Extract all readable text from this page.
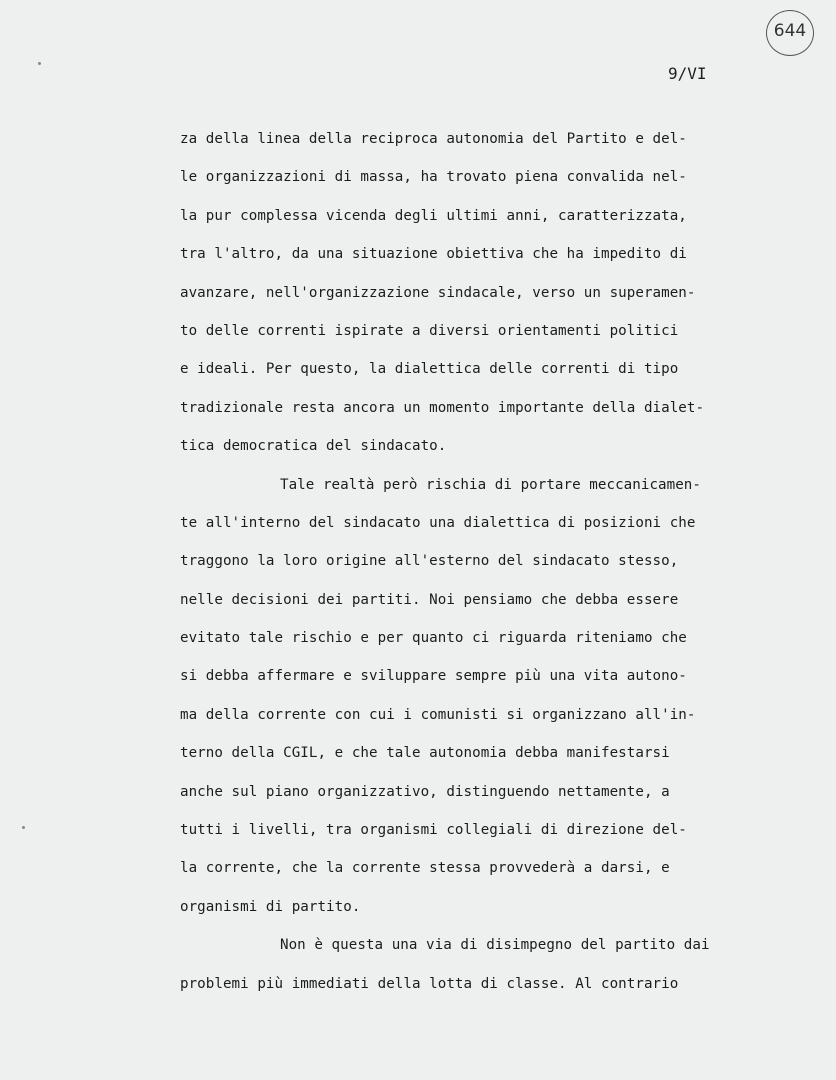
644
9/VI
za della linea della reciproca autonomia del Partito e del-
le organizzazioni di massa, ha trovato piena convalida nel-
la pur complessa vicenda degli ultimi anni, caratterizzata,
tra l'altro, da una situazione obiettiva che ha impedito di
avanzare, nell'organizzazione sindacale, verso un superamen-
to delle correnti ispirate a diversi orientamenti politici
e ideali. Per questo, la dialettica delle correnti di tipo
tradizionale resta ancora un momento importante della dialet-
tica democratica del sindacato.
Tale realtà però rischia di portare meccanicamen-
te all'interno del sindacato una dialettica di posizioni che
traggono la loro origine all'esterno del sindacato stesso,
nelle decisioni dei partiti. Noi pensiamo che debba essere
evitato tale rischio e per quanto ci riguarda riteniamo che
si debba affermare e sviluppare sempre più una vita autono-
ma della corrente con cui i comunisti si organizzano all'in-
terno della CGIL, e che tale autonomia debba manifestarsi
anche sul piano organizzativo, distinguendo nettamente, a
tutti i livelli, tra organismi collegiali di direzione del-
la corrente, che la corrente stessa provvederà a darsi, e
organismi di partito.
Non è questa una via di disimpegno del partito dai
problemi più immediati della lotta di classe. Al contrario
